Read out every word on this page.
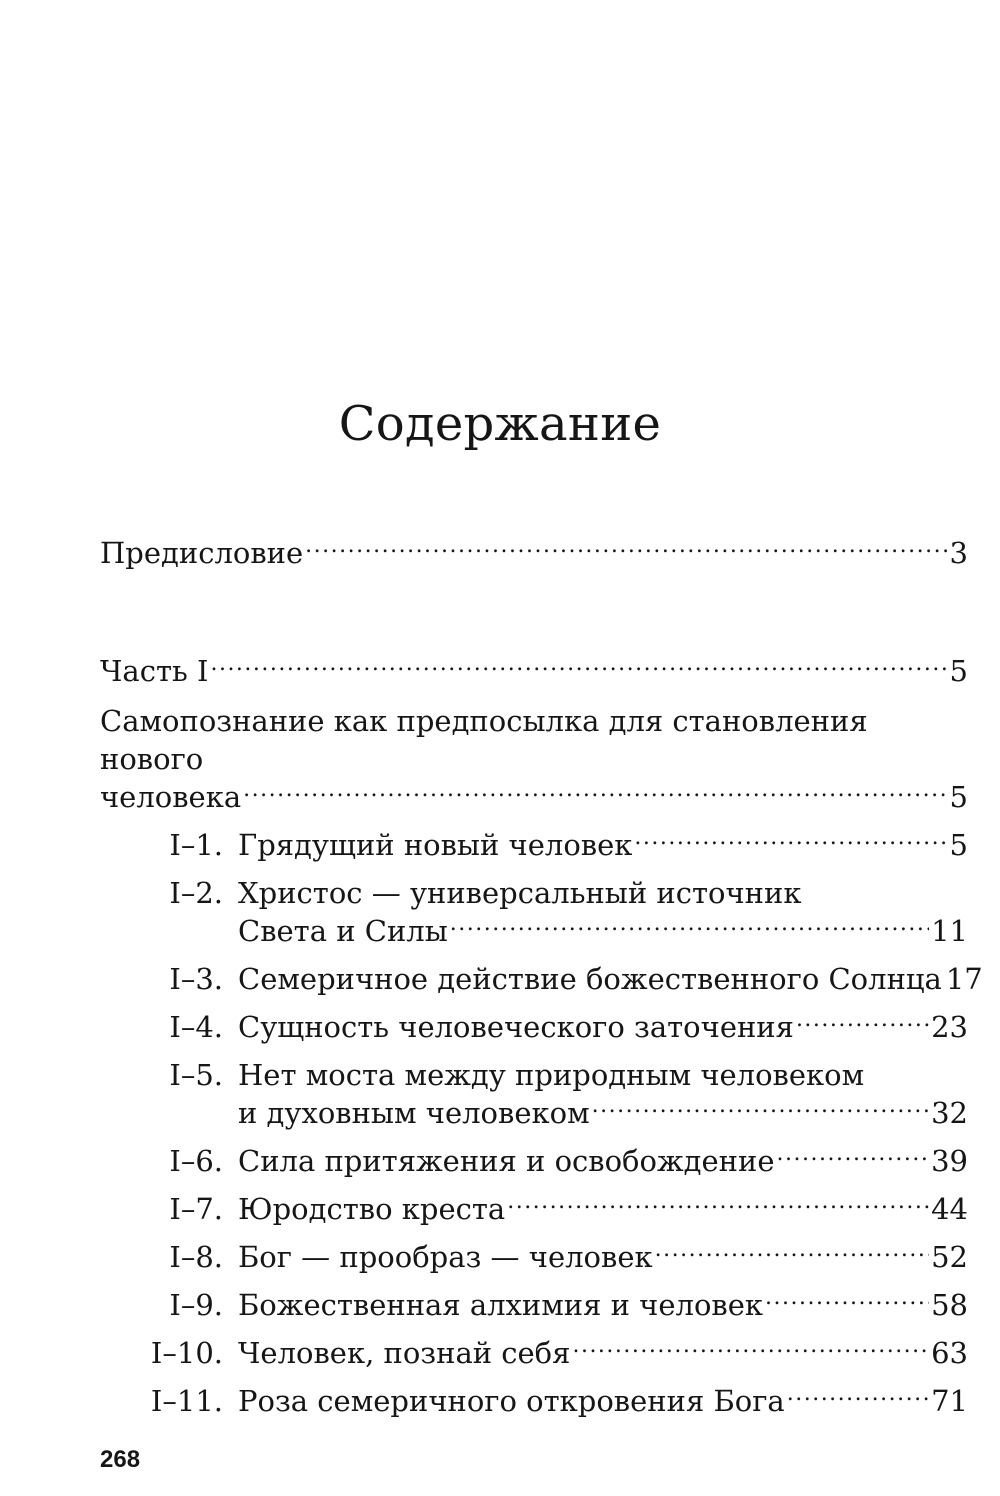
Содержание
Предисловие .....	3
Часть I .....	5
Самопознание как предпосылка для становления нового
человека .....	5
I–1. Грядущий новый человек .....	5
I–2. Христос — универсальный источник
Света и Силы .....	11
I–3. Семеричное действие божественного Солнца 17
I–4. Сущность человеческого заточения .....	23
I–5. Нет моста между природным человеком
и духовным человеком .....	32
I–6. Сила притяжения и освобождение .....	39
I–7. Юродство креста .....	44
I–8. Бог — прообраз — человек .....	52
I–9. Божественная алхимия и человек .....	58
I–10. Человек, познай себя .....	63
I–11. Роза семеричного откровения Бога .....	71
268
